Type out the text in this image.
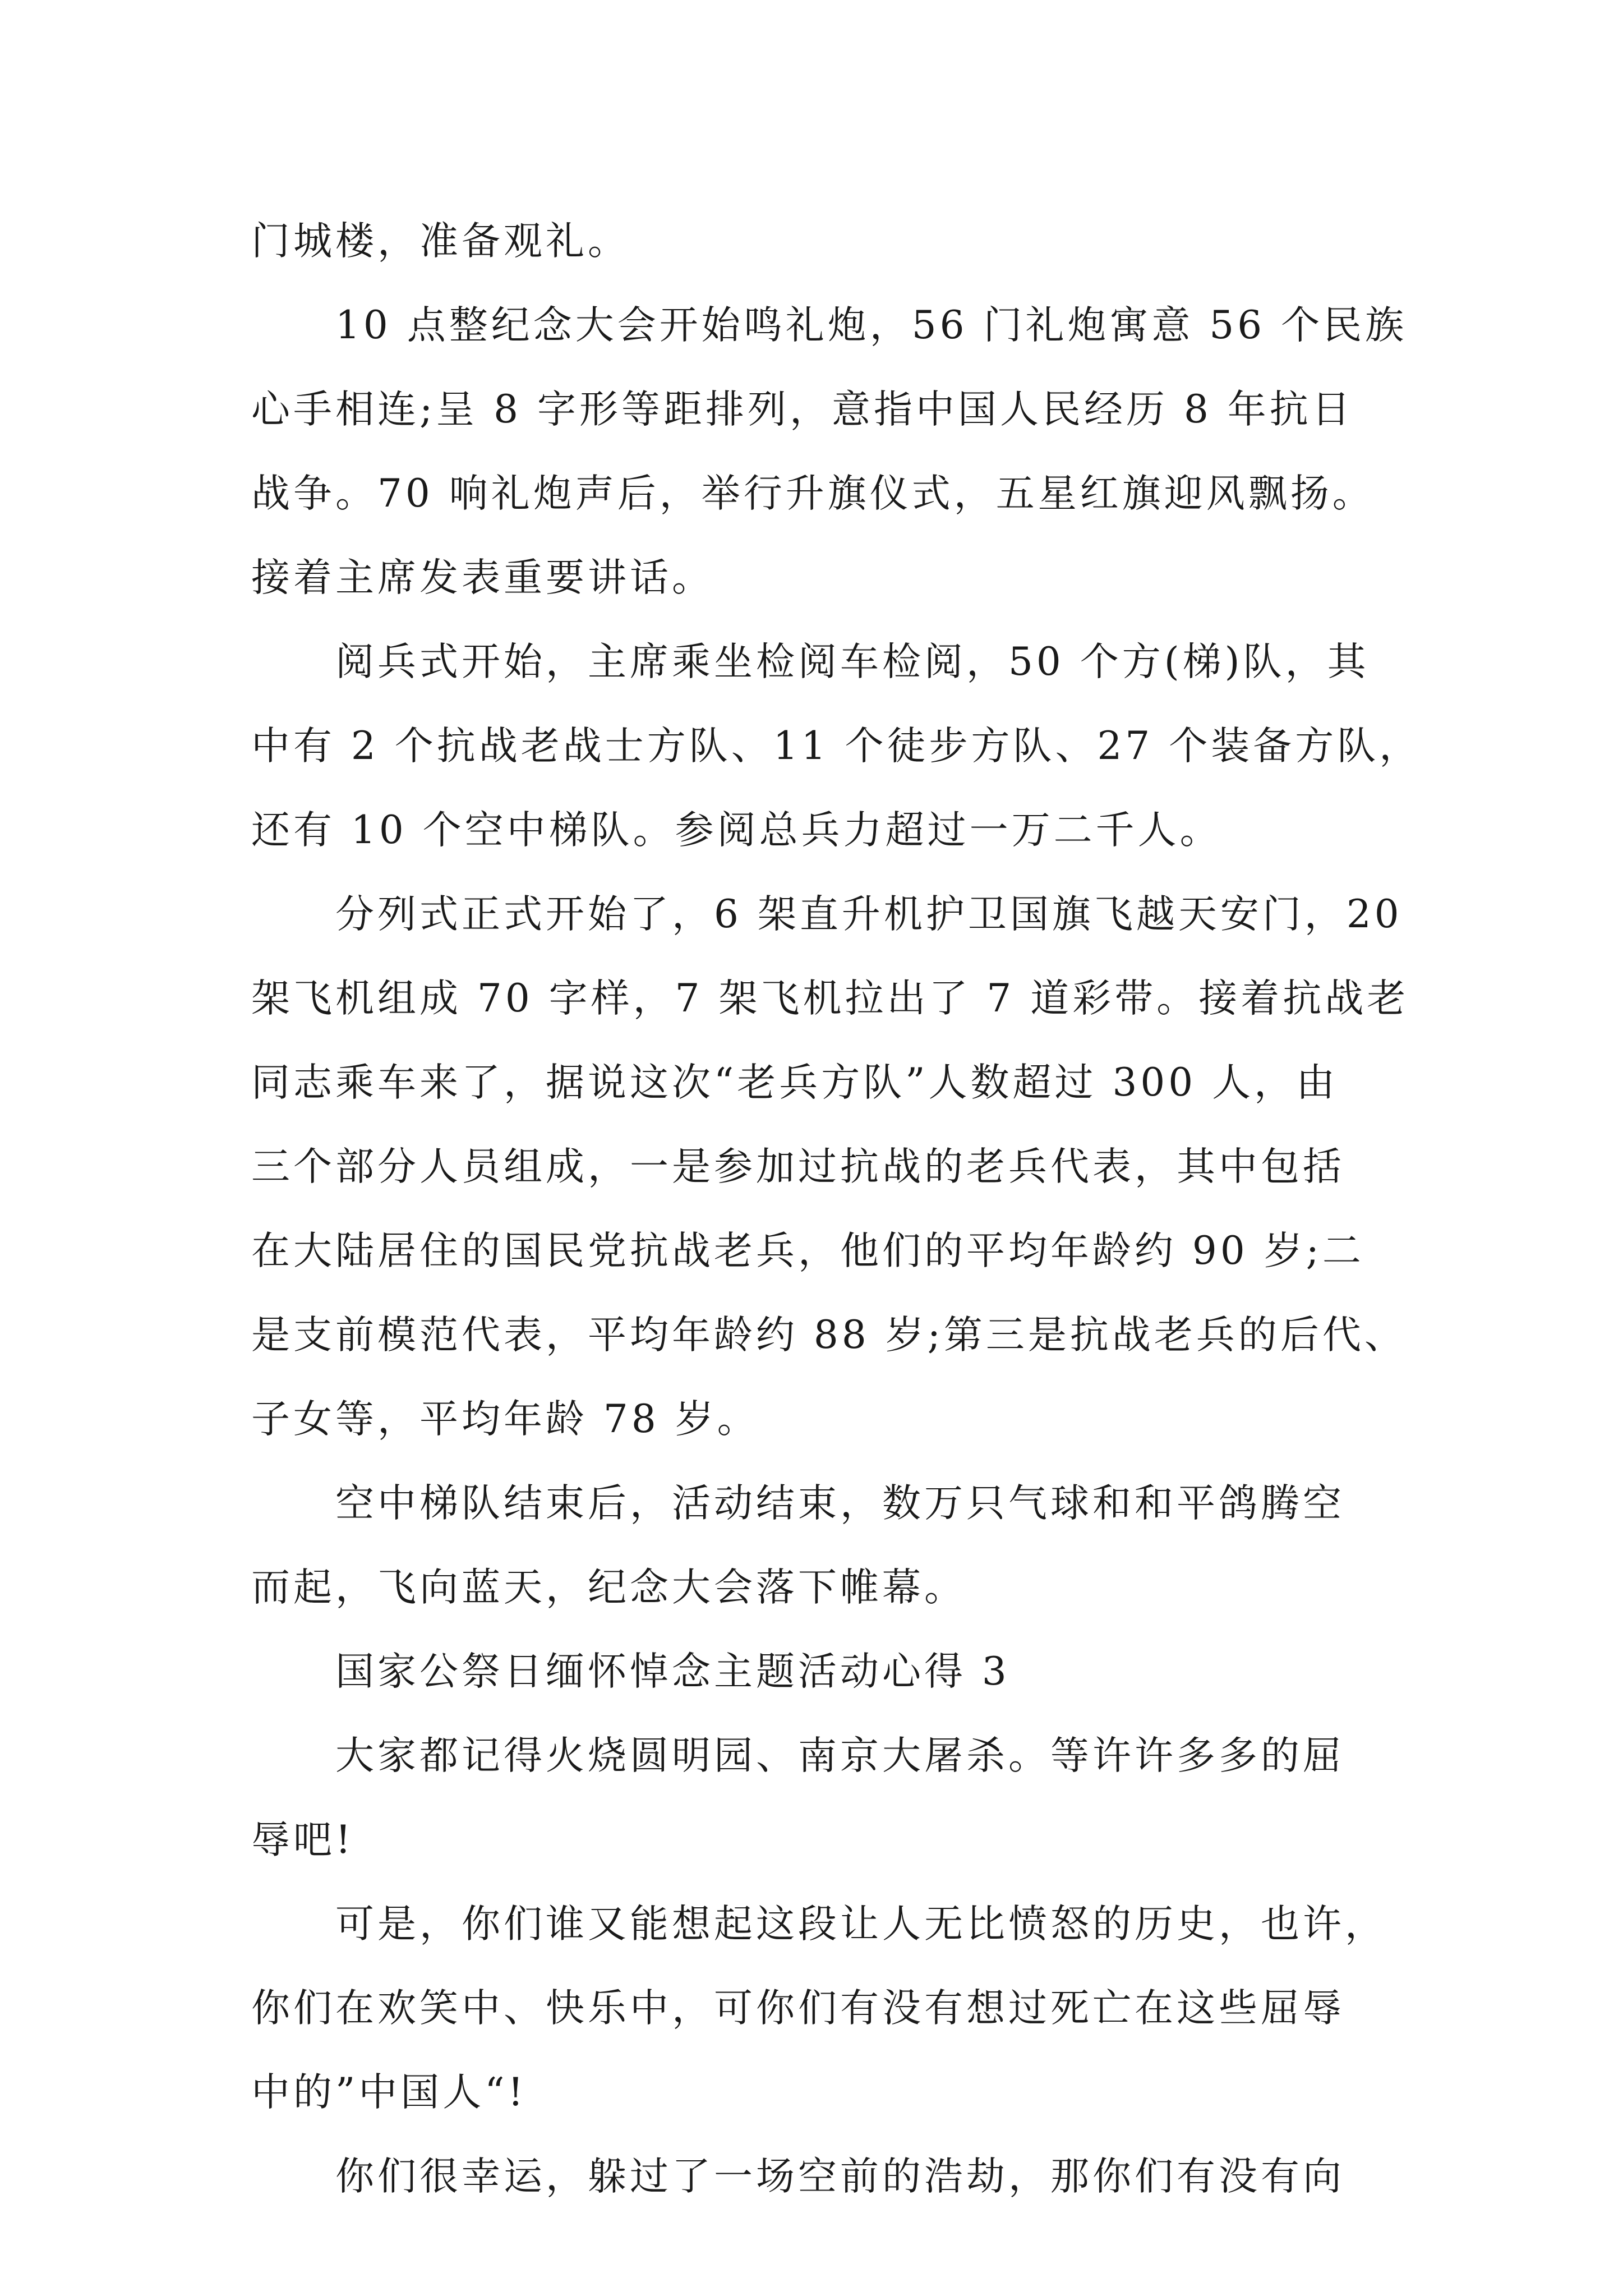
门城楼，准备观礼。
10 点整纪念大会开始鸣礼炮，56 门礼炮寓意 56 个民族
心手相连;呈 8 字形等距排列，意指中国人民经历 8 年抗日
战争。70 响礼炮声后，举行升旗仪式，五星红旗迎风飘扬。
接着主席发表重要讲话。
阅兵式开始，主席乘坐检阅车检阅，50 个方(梯)队，其
中有 2 个抗战老战士方队、11 个徒步方队、27 个装备方队，
还有 10 个空中梯队。参阅总兵力超过一万二千人。
分列式正式开始了，6 架直升机护卫国旗飞越天安门，20
架飞机组成 70 字样，7 架飞机拉出了 7 道彩带。接着抗战老
同志乘车来了，据说这次“老兵方队”人数超过 300 人，由
三个部分人员组成，一是参加过抗战的老兵代表，其中包括
在大陆居住的国民党抗战老兵，他们的平均年龄约 90 岁;二
是支前模范代表，平均年龄约 88 岁;第三是抗战老兵的后代、
子女等，平均年龄 78 岁。
空中梯队结束后，活动结束，数万只气球和和平鸽腾空
而起，飞向蓝天，纪念大会落下帷幕。
国家公祭日缅怀悼念主题活动心得 3
大家都记得火烧圆明园、南京大屠杀。等许许多多的屈
辱吧!
可是，你们谁又能想起这段让人无比愤怒的历史，也许，
你们在欢笑中、快乐中，可你们有没有想过死亡在这些屈辱
中的”中国人“!
你们很幸运，躲过了一场空前的浩劫，那你们有没有向
